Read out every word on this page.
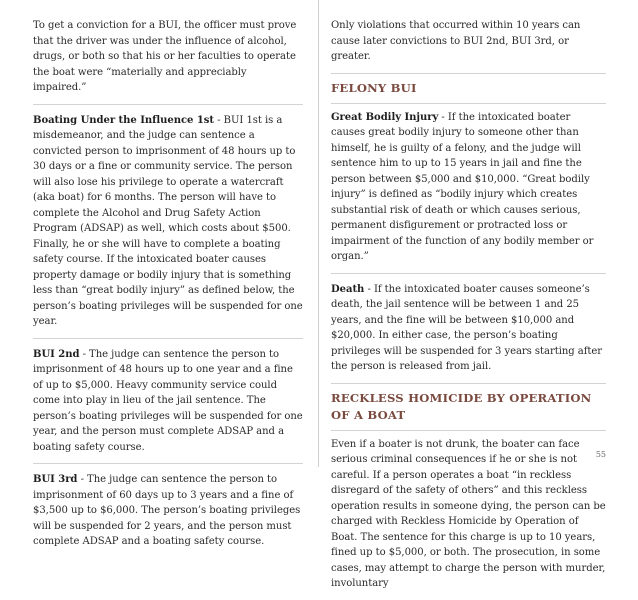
To get a conviction for a BUI, the officer must prove that the driver was under the influence of alcohol, drugs, or both so that his or her faculties to operate the boat were “materially and appreciably impaired.”

Boating Under the Influence 1st - BUI 1st is a misdemeanor, and the judge can sentence a convicted person to imprisonment of 48 hours up to 30 days or a fine or community service. The person will also lose his privilege to operate a watercraft (aka boat) for 6 months. The person will have to complete the Alcohol and Drug Safety Action Program (ADSAP) as well, which costs about $500. Finally, he or she will have to complete a boating safety course. If the intoxicated boater causes property damage or bodily injury that is something less than “great bodily injury” as defined below, the person’s boating privileges will be suspended for one year.

BUI 2nd - The judge can sentence the person to imprisonment of 48 hours up to one year and a fine of up to $5,000. Heavy community service could come into play in lieu of the jail sentence. The person’s boating privileges will be suspended for one year, and the person must complete ADSAP and a boating safety course.

BUI 3rd - The judge can sentence the person to imprisonment of 60 days up to 3 years and a fine of $3,500 up to $6,000. The person’s boating privileges will be suspended for 2 years, and the person must complete ADSAP and a boating safety course.

Only violations that occurred within 10 years can cause later convictions to BUI 2nd, BUI 3rd, or greater.

FELONY BUI

Great Bodily Injury - If the intoxicated boater causes great bodily injury to someone other than himself, he is guilty of a felony, and the judge will sentence him to up to 15 years in jail and fine the person between $5,000 and $10,000. “Great bodily injury” is defined as “bodily injury which creates substantial risk of death or which causes serious, permanent disfigurement or protracted loss or impairment of the function of any bodily member or organ.”

Death - If the intoxicated boater causes someone’s death, the jail sentence will be between 1 and 25 years, and the fine will be between $10,000 and $20,000. In either case, the person’s boating privileges will be suspended for 3 years starting after the person is released from jail.

RECKLESS HOMICIDE BY OPERATION OF A BOAT

Even if a boater is not drunk, the boater can face serious criminal consequences if he or she is not careful. If a person operates a boat “in reckless disregard of the safety of others” and this reckless operation results in someone dying, the person can be charged with Reckless Homicide by Operation of Boat. The sentence for this charge is up to 10 years, fined up to $5,000, or both. The prosecution, in some cases, may attempt to charge the person with murder, involuntary

55
